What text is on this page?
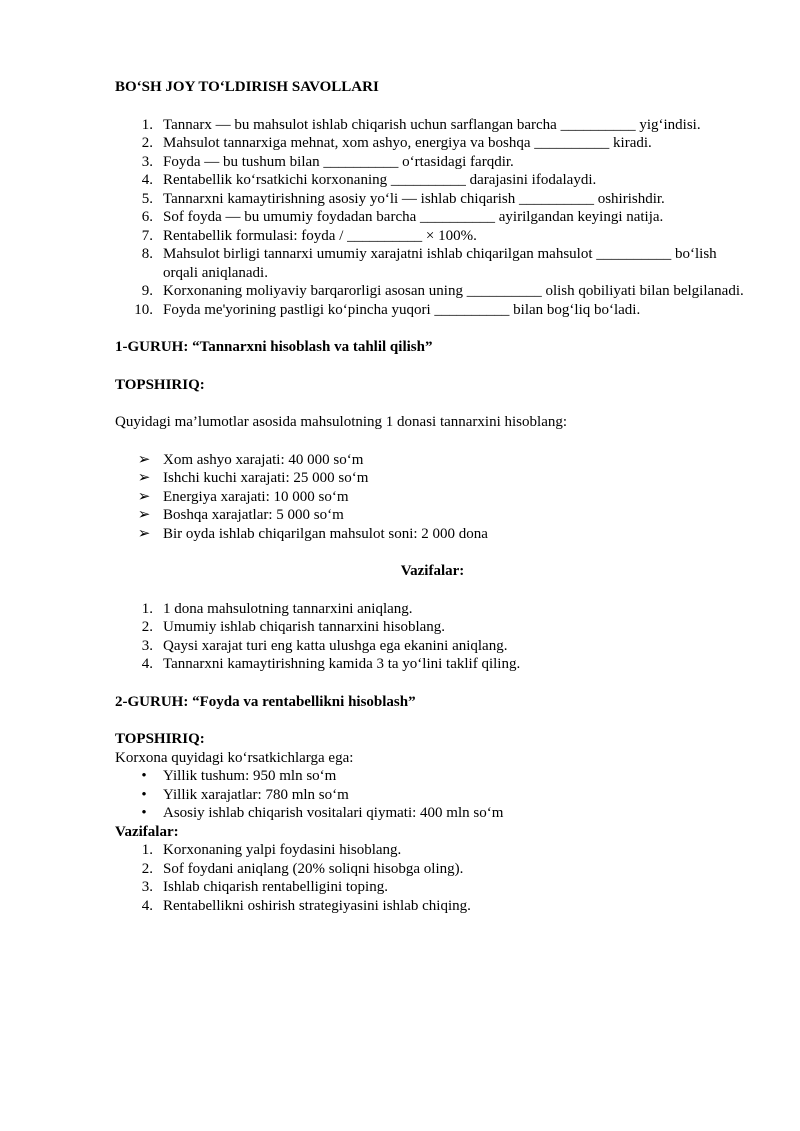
BO‘SH JOY TO‘LDIRISH SAVOLLARI

1. Tannarx — bu mahsulot ishlab chiqarish uchun sarflangan barcha __________ yig‘indisi.
2. Mahsulot tannarxiga mehnat, xom ashyo, energiya va boshqa __________ kiradi.
3. Foyda — bu tushum bilan __________ o‘rtasidagi farqdir.
4. Rentabellik ko‘rsatkichi korxonaning __________ darajasini ifodalaydi.
5. Tannarxni kamaytirishning asosiy yo‘li — ishlab chiqarish __________ oshirishdir.
6. Sof foyda — bu umumiy foydadan barcha __________ ayirilgandan keyingi natija.
7. Rentabellik formulasi: foyda / __________ × 100%.
8. Mahsulot birligi tannarxi umumiy xarajatni ishlab chiqarilgan mahsulot __________ bo‘lish orqali aniqlanadi.
9. Korxonaning moliyaviy barqarorligi asosan uning __________ olish qobiliyati bilan belgilanadi.
10. Foyda me'yorining pastligi ko‘pincha yuqori __________ bilan bog‘liq bo‘ladi.

1-GURUH: “Tannarxni hisoblash va tahlil qilish”

TOPSHIRIQ:

Quyidagi ma’lumotlar asosida mahsulotning 1 donasi tannarxini hisoblang:

➢ Xom ashyo xarajati: 40 000 so‘m
➢ Ishchi kuchi xarajati: 25 000 so‘m
➢ Energiya xarajati: 10 000 so‘m
➢ Boshqa xarajatlar: 5 000 so‘m
➢ Bir oyda ishlab chiqarilgan mahsulot soni: 2 000 dona

Vazifalar:

1. 1 dona mahsulotning tannarxini aniqlang.
2. Umumiy ishlab chiqarish tannarxini hisoblang.
3. Qaysi xarajat turi eng katta ulushga ega ekanini aniqlang.
4. Tannarxni kamaytirishning kamida 3 ta yo‘lini taklif qiling.

2-GURUH: “Foyda va rentabellikni hisoblash”

TOPSHIRIQ:

Korxona quyidagi ko‘rsatkichlarga ega:

• Yillik tushum: 950 mln so‘m
• Yillik xarajatlar: 780 mln so‘m
• Asosiy ishlab chiqarish vositalari qiymati: 400 mln so‘m

Vazifalar:

1. Korxonaning yalpi foydasini hisoblang.
2. Sof foydani aniqlang (20% soliqni hisobga oling).
3. Ishlab chiqarish rentabelligini toping.
4. Rentabellikni oshirish strategiyasini ishlab chiqing.
